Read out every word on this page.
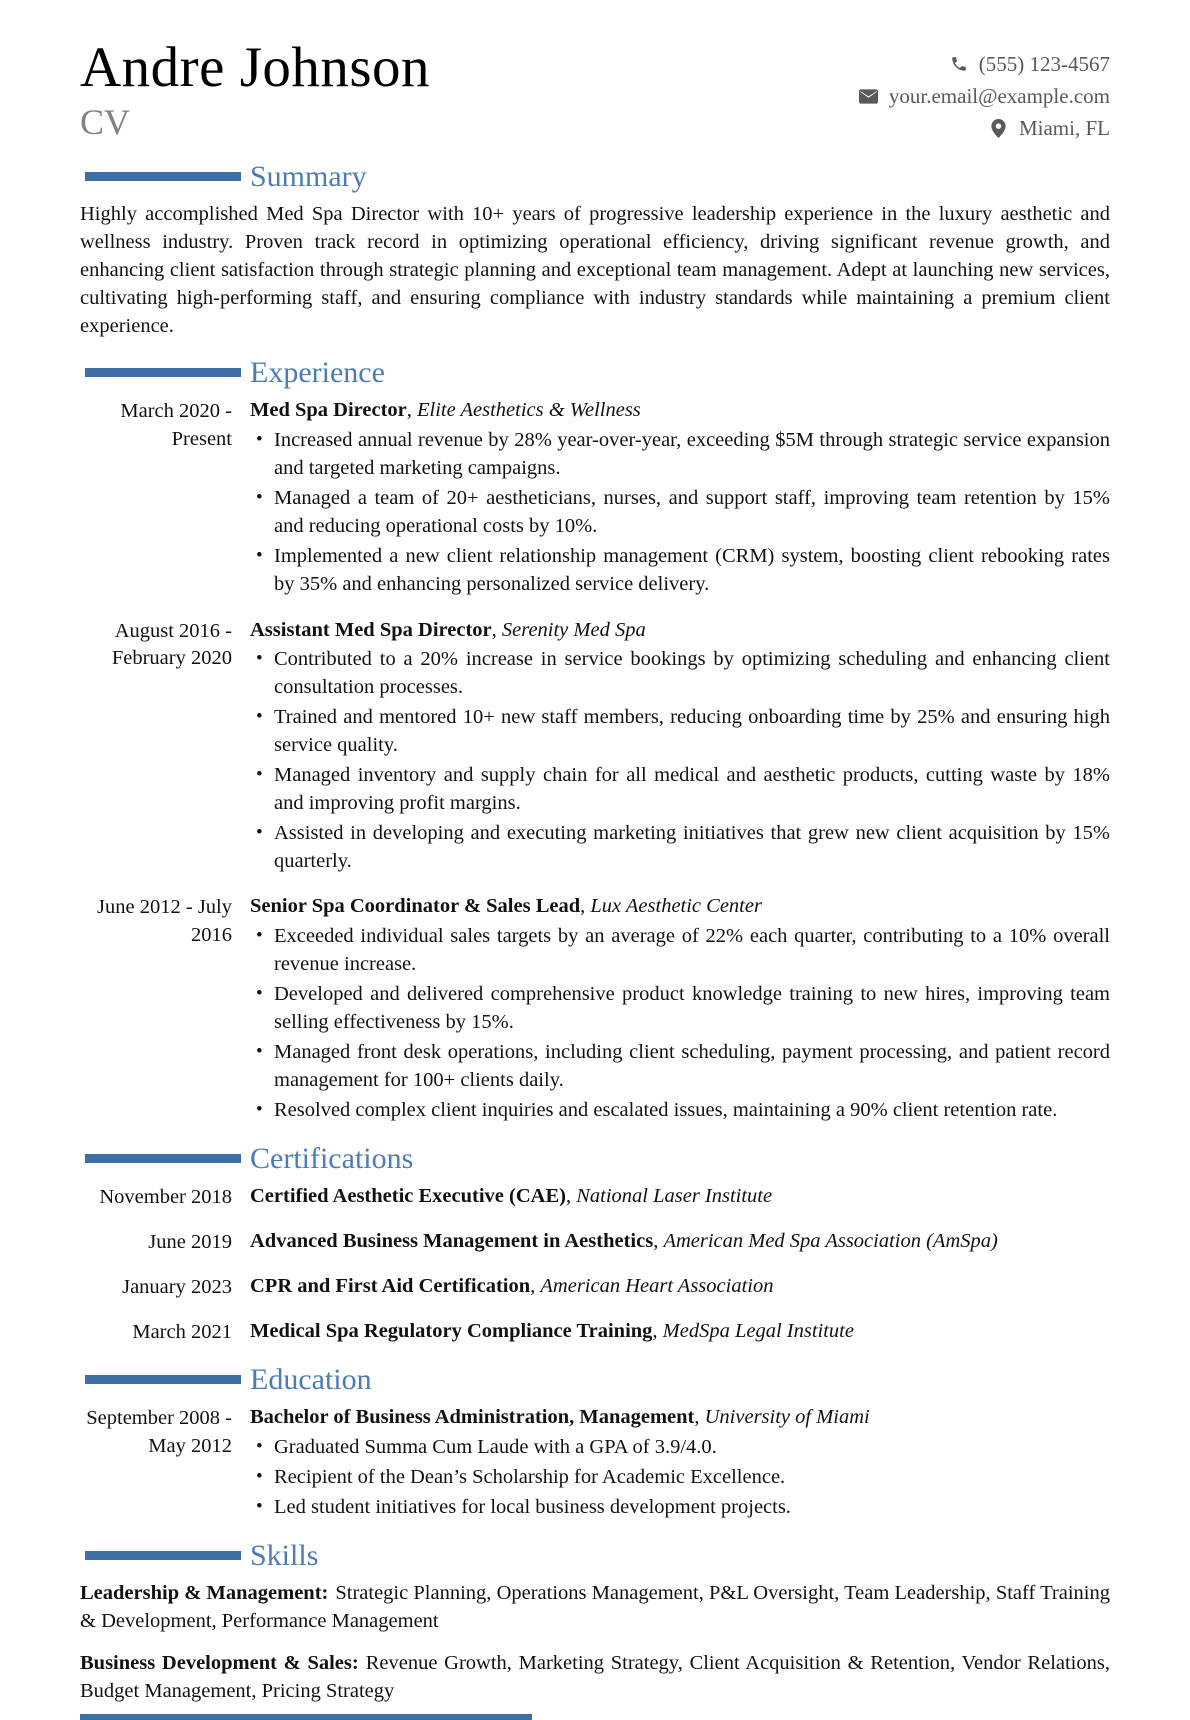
Andre Johnson
CV
(555) 123-4567
your.email@example.com
Miami, FL
Summary

Highly accomplished Med Spa Director with 10+ years of progressive leadership experience in the luxury aesthetic and wellness industry. Proven track record in optimizing operational efficiency, driving significant revenue growth, and enhancing client satisfaction through strategic planning and exceptional team management. Adept at launching new services, cultivating high-performing staff, and ensuring compliance with industry standards while maintaining a premium client experience.

Experience
March 2020 - Present
Med Spa Director , Elite Aesthetics & Wellness
• Increased annual revenue by 28% year-over-year, exceeding $5M through strategic service expansion and targeted marketing campaigns.
• Managed a team of 20+ aestheticians, nurses, and support staff, improving team retention by 15% and reducing operational costs by 10%.
• Implemented a new client relationship management (CRM) system, boosting client rebooking rates by 35% and enhancing personalized service delivery.
August 2016 - February 2020
Assistant Med Spa Director , Serenity Med Spa
• Contributed to a 20% increase in service bookings by optimizing scheduling and enhancing client consultation processes.
• Trained and mentored 10+ new staff members, reducing onboarding time by 25% and ensuring high service quality.
• Managed inventory and supply chain for all medical and aesthetic products, cutting waste by 18% and improving profit margins.
• Assisted in developing and executing marketing initiatives that grew new client acquisition by 15% quarterly.
June 2012 - July 2016
Senior Spa Coordinator & Sales Lead , Lux Aesthetic Center
• Exceeded individual sales targets by an average of 22% each quarter, contributing to a 10% overall revenue increase.
• Developed and delivered comprehensive product knowledge training to new hires, improving team selling effectiveness by 15%.
• Managed front desk operations, including client scheduling, payment processing, and patient record management for 100+ clients daily.
• Resolved complex client inquiries and escalated issues, maintaining a 90% client retention rate.
Certifications
November 2018 Certified Aesthetic Executive (CAE) , National Laser Institute
June 2019 Advanced Business Management in Aesthetics , American Med Spa Association (AmSpa)
January 2023 CPR and First Aid Certification , American Heart Association
March 2021 Medical Spa Regulatory Compliance Training , MedSpa Legal Institute
Education
September 2008 - May 2012
Bachelor of Business Administration, Management , University of Miami
• Graduated Summa Cum Laude with a GPA of 3.9/4.0.
• Recipient of the Dean’s Scholarship for Academic Excellence.
• Led student initiatives for local business development projects.
Skills

Leadership & Management: Strategic Planning, Operations Management, P&L Oversight, Team Leadership, Staff Training & Development, Performance Management

Business Development & Sales: Revenue Growth, Marketing Strategy, Client Acquisition & Retention, Vendor Relations, Budget Management, Pricing Strategy
